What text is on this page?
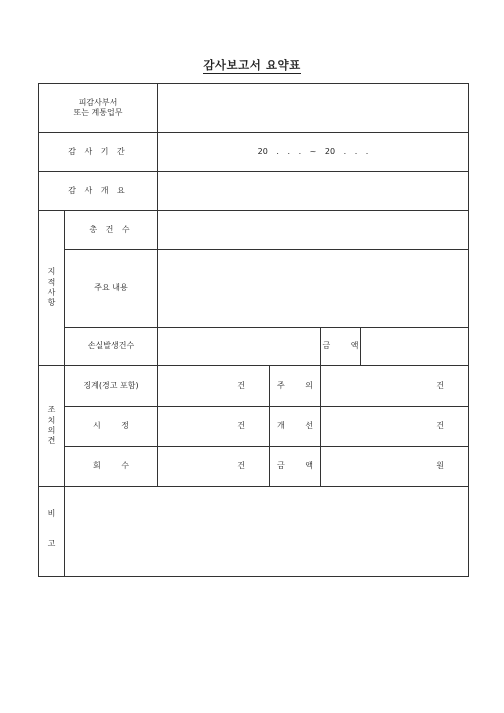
감사보고서 요약표
피감사부서
또는 계통업무					

감 사 기 간		20 . . . ~ 20 . . .			
감 사 개 요					

지
적
사
항	총 건 수				
	주요 내용				
	손실발생건수			금 액	

조
치
의
견	징계(경고 포함)	건	주 의	건	
	시 정	건	개 선	건	
	회 수	건	금 액	원	

비
고					
